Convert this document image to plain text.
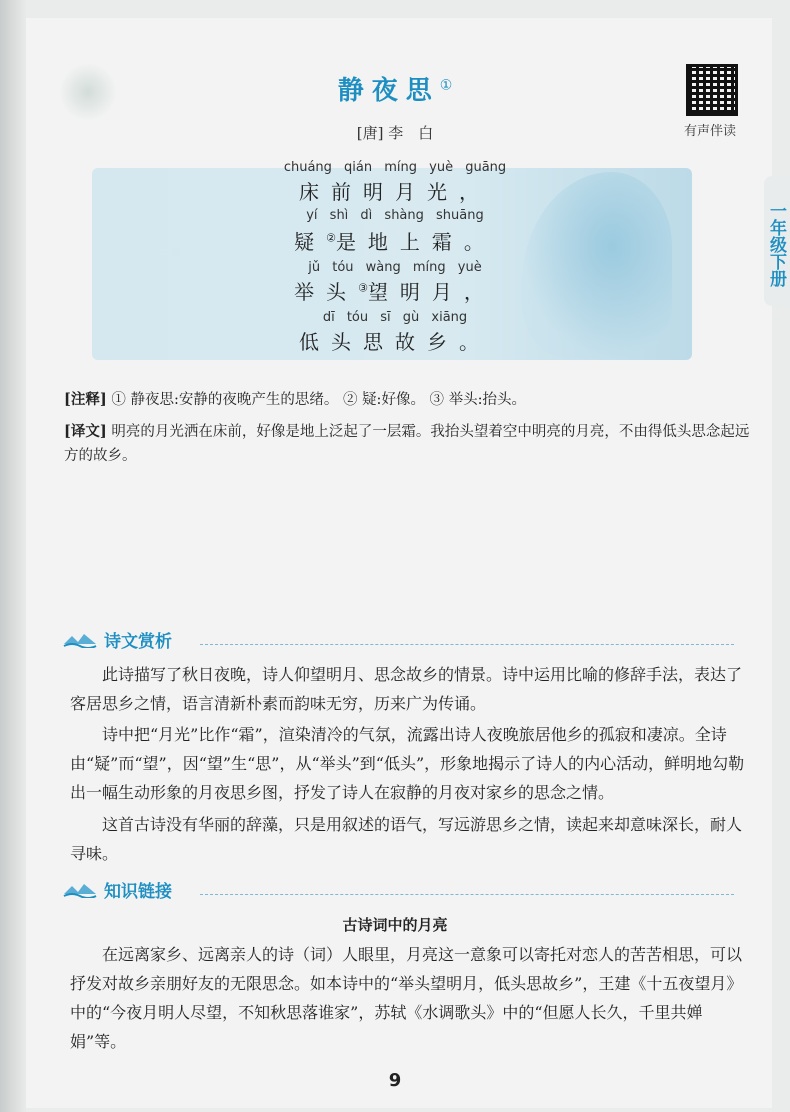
有声伴读
静夜思①
[唐] 李　白
chuáng qián míng yuè guāng
床前明月光，
yí shì dì shàng shuāng
疑②是地上霜。
jǔ tóu wàng míng yuè
举头③望明月，
dī tóu sī gù xiāng
低头思故乡。
一年级下册
[注释] ① 静夜思:安静的夜晚产生的思绪。 ② 疑:好像。 ③ 举头:抬头。
[译文] 明亮的月光洒在床前，好像是地上泛起了一层霜。我抬头望着空中明亮的月亮，不由得低头思念起远方的故乡。

诗文赏析
此诗描写了秋日夜晚，诗人仰望明月、思念故乡的情景。诗中运用比喻的修辞手法，表达了客居思乡之情，语言清新朴素而韵味无穷，历来广为传诵。
诗中把“月光”比作“霜”，渲染清冷的气氛，流露出诗人夜晚旅居他乡的孤寂和凄凉。全诗由“疑”而“望”，因“望”生“思”，从“举头”到“低头”，形象地揭示了诗人的内心活动，鲜明地勾勒出一幅生动形象的月夜思乡图，抒发了诗人在寂静的月夜对家乡的思念之情。
这首古诗没有华丽的辞藻，只是用叙述的语气，写远游思乡之情，读起来却意味深长，耐人寻味。
知识链接
古诗词中的月亮
在远离家乡、远离亲人的诗（词）人眼里，月亮这一意象可以寄托对恋人的苦苦相思，可以抒发对故乡亲朋好友的无限思念。如本诗中的“举头望明月，低头思故乡”，王建《十五夜望月》中的“今夜月明人尽望，不知秋思落谁家”，苏轼《水调歌头》中的“但愿人长久，千里共婵娟”等。
9
